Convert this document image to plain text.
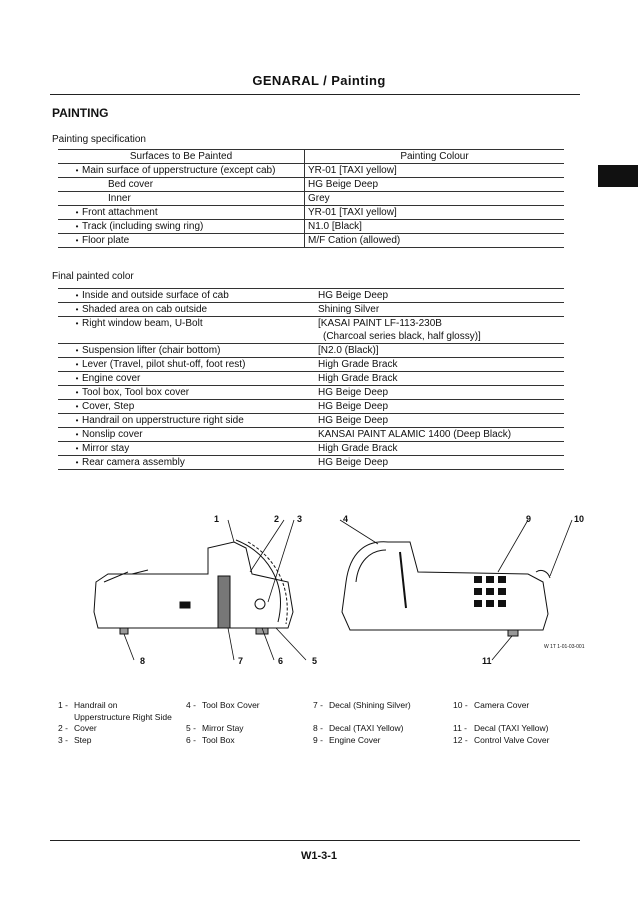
GENARAL / Painting
PAINTING
Painting specification
Surfaces to Be Painted	Painting Colour
• Main surface of upperstructure (except cab)	YR-01 [TAXI yellow]
Bed cover	HG Beige Deep
Inner	Grey
• Front attachment	YR-01 [TAXI yellow]
• Track (including swing ring)	N1.0 [Black]
• Floor plate	M/F Cation (allowed)
Final painted color
• Inside and outside surface of cab	HG Beige Deep
• Shaded area on cab outside	Shining Silver
• Right window beam, U-Bolt	[KASAI PAINT LF-113-230B
	(Charcoal series black, half glossy)]
• Suspension lifter (chair bottom)	[N2.0 (Black)]
• Lever (Travel, pilot shut-off, foot rest)	High Grade Brack
• Engine cover	High Grade Brack
• Tool box, Tool box cover	HG Beige Deep
• Cover, Step	HG Beige Deep
• Handrail on upperstructure right side	HG Beige Deep
• Nonslip cover	KANSAI PAINT ALAMIC 1400 (Deep Black)
• Mirror stay	High Grade Brack
• Rear camera assembly	HG Beige Deep
1	2 3	4	9	10
8	7	6	5	11
W 1T 1-01-03-001
1 - Handrail on
Upperstructure Right Side
2 - Cover
3 - Step
4 - Tool Box Cover
5 - Mirror Stay
6 - Tool Box
7 - Decal (Shining Silver)
8 - Decal (TAXI Yellow)
9 - Engine Cover
10 - Camera Cover
11 - Decal (TAXI Yellow)
12 - Control Valve Cover
W1-3-1
